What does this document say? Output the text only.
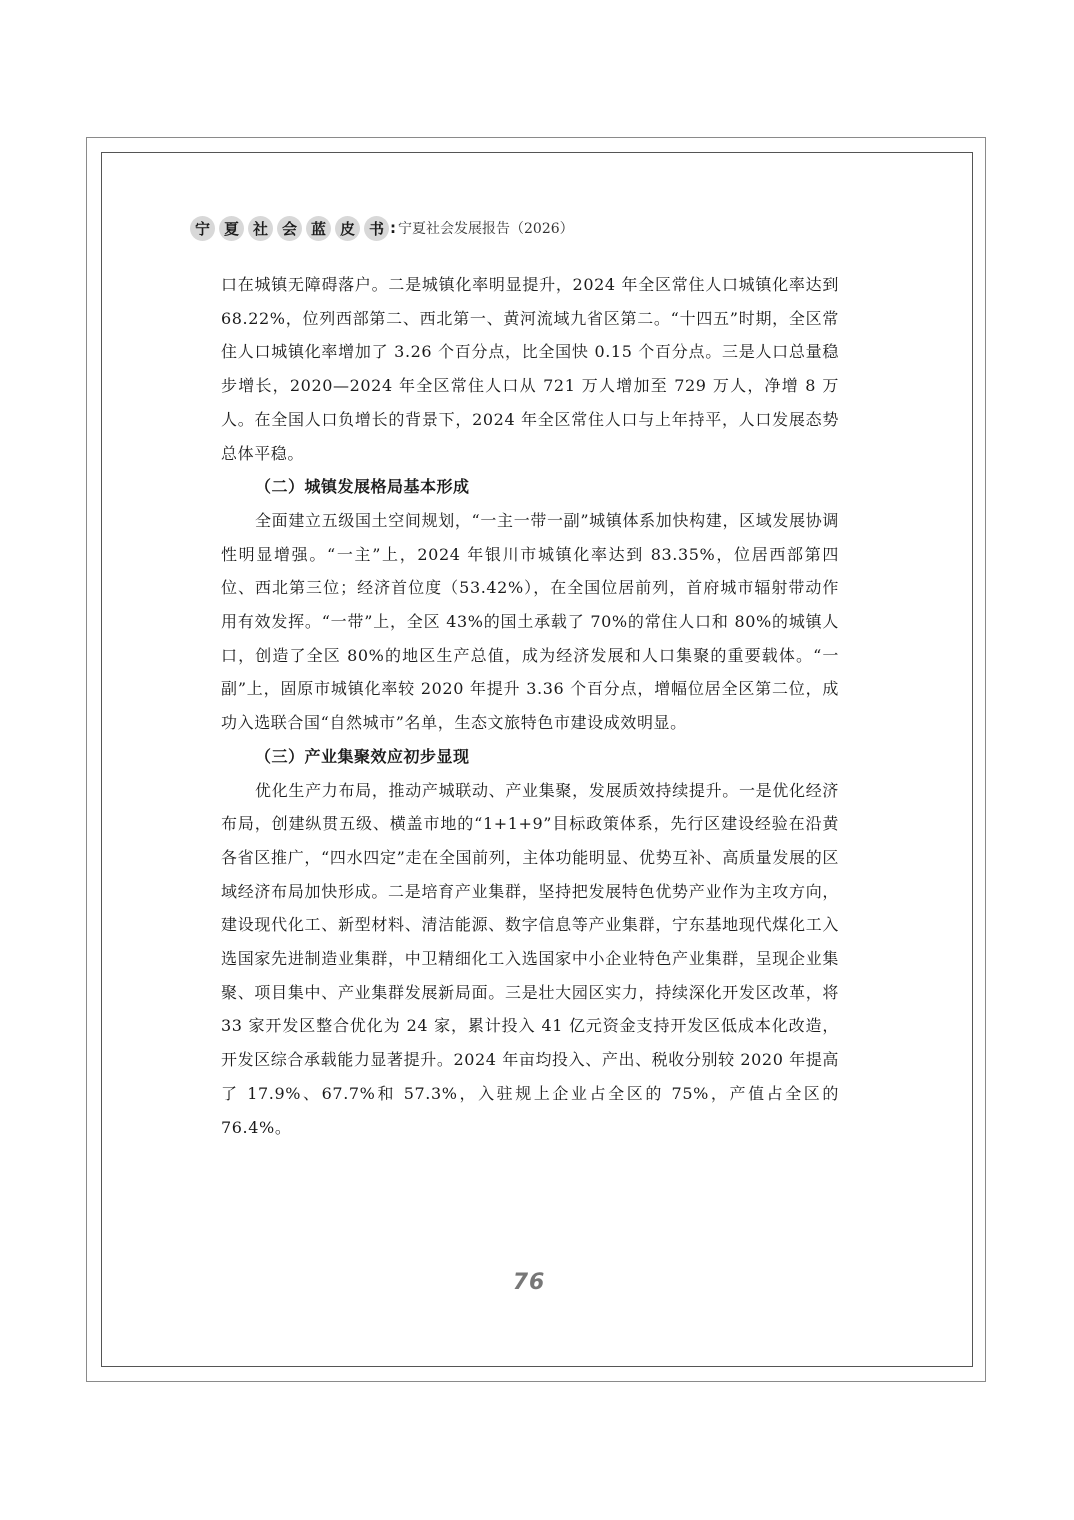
宁 夏 社 会 蓝 皮 书 : 宁夏社会发展报告（2026）

口在城镇无障碍落户。二是城镇化率明显提升，2024 年全区常住人口城镇化率达到 68.22%，位列西部第二、西北第一、黄河流域九省区第二。“十四五”时期，全区常住人口城镇化率增加了 3.26 个百分点，比全国快 0.15 个百分点。三是人口总量稳步增长，2020—2024 年全区常住人口从 721 万人增加至 729 万人，净增 8 万人。在全国人口负增长的背景下，2024 年全区常住人口与上年持平，人口发展态势总体平稳。

（二）城镇发展格局基本形成

全面建立五级国土空间规划，“一主一带一副”城镇体系加快构建，区域发展协调性明显增强。“一主”上，2024 年银川市城镇化率达到 83.35%，位居西部第四位、西北第三位；经济首位度（53.42%），在全国位居前列，首府城市辐射带动作用有效发挥。“一带”上，全区 43%的国土承载了 70%的常住人口和 80%的城镇人口，创造了全区 80%的地区生产总值，成为经济发展和人口集聚的重要载体。“一副”上，固原市城镇化率较 2020 年提升 3.36 个百分点，增幅位居全区第二位，成功入选联合国“自然城市”名单，生态文旅特色市建设成效明显。

（三）产业集聚效应初步显现

优化生产力布局，推动产城联动、产业集聚，发展质效持续提升。一是优化经济布局，创建纵贯五级、横盖市地的“1+1+9”目标政策体系，先行区建设经验在沿黄各省区推广，“四水四定”走在全国前列，主体功能明显、优势互补、高质量发展的区域经济布局加快形成。二是培育产业集群，坚持把发展特色优势产业作为主攻方向，建设现代化工、新型材料、清洁能源、数字信息等产业集群，宁东基地现代煤化工入选国家先进制造业集群，中卫精细化工入选国家中小企业特色产业集群，呈现企业集聚、项目集中、产业集群发展新局面。三是壮大园区实力，持续深化开发区改革，将 33 家开发区整合优化为 24 家，累计投入 41 亿元资金支持开发区低成本化改造，开发区综合承载能力显著提升。2024 年亩均投入、产出、税收分别较 2020 年提高了 17.9%、67.7%和 57.3%，入驻规上企业占全区的 75%，产值占全区的 76.4%。

76
